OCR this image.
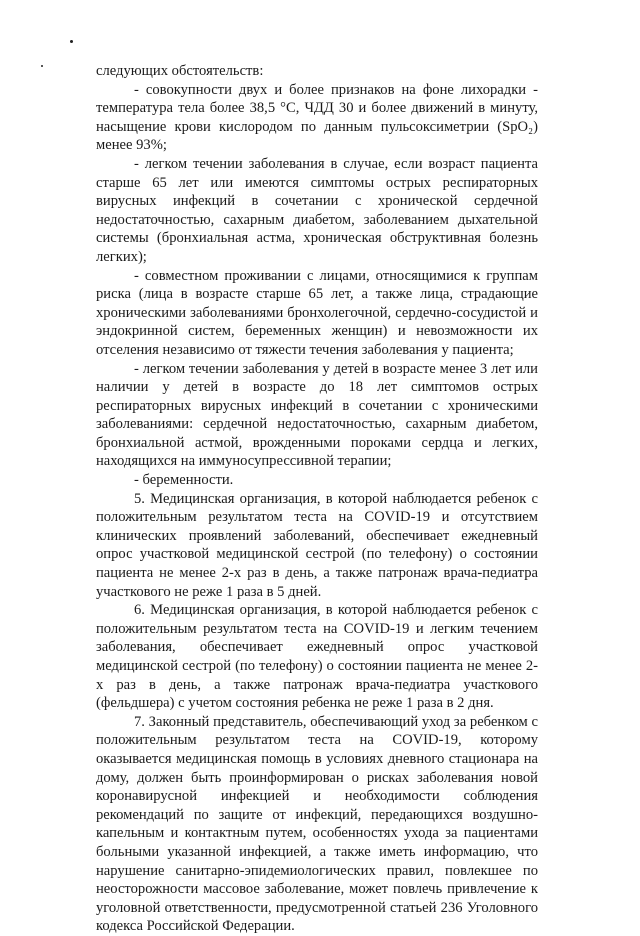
следующих обстоятельств:

- совокупности двух и более признаков на фоне лихорадки - температура тела более 38,5 °С, ЧДД 30 и более движений в минуту, насыщение крови кислородом по данным пульсоксиметрии (SpO₂) менее 93%;

- легком течении заболевания в случае, если возраст пациента старше 65 лет или имеются симптомы острых респираторных вирусных инфекций в сочетании с хронической сердечной недостаточностью, сахарным диабетом, заболеванием дыхательной системы (бронхиальная астма, хроническая обструктивная болезнь легких);

- совместном проживании с лицами, относящимися к группам риска (лица в возрасте старше 65 лет, а также лица, страдающие хроническими заболеваниями бронхолегочной, сердечно-сосудистой и эндокринной систем, беременных женщин) и невозможности их отселения независимо от тяжести течения заболевания у пациента;

- легком течении заболевания у детей в возрасте менее 3 лет или наличии у детей в возрасте до 18 лет симптомов острых респираторных вирусных инфекций в сочетании с хроническими заболеваниями: сердечной недостаточностью, сахарным диабетом, бронхиальной астмой, врожденными пороками сердца и легких, находящихся на иммуносупрессивной терапии;

- беременности.

5. Медицинская организация, в которой наблюдается ребенок с положительным результатом теста на COVID-19 и отсутствием клинических проявлений заболеваний, обеспечивает ежедневный опрос участковой медицинской сестрой (по телефону) о состоянии пациента не менее 2-х раз в день, а также патронаж врача-педиатра участкового не реже 1 раза в 5 дней.

6. Медицинская организация, в которой наблюдается ребенок с положительным результатом теста на COVID-19 и легким течением заболевания, обеспечивает ежедневный опрос участковой медицинской сестрой (по телефону) о состоянии пациента не менее 2-х раз в день, а также патронаж врача-педиатра участкового (фельдшера) с учетом состояния ребенка не реже 1 раза в 2 дня.

7. Законный представитель, обеспечивающий уход за ребенком с положительным результатом теста на COVID-19, которому оказывается медицинская помощь в условиях дневного стационара на дому, должен быть проинформирован о рисках заболевания новой коронавирусной инфекцией и необходимости соблюдения рекомендаций по защите от инфекций, передающихся воздушно-капельным и контактным путем, особенностях ухода за пациентами больными указанной инфекцией, а также иметь информацию, что нарушение санитарно-эпидемиологических правил, повлекшее по неосторожности массовое заболевание, может повлечь привлечение к уголовной ответственности, предусмотренной статьей 236 Уголовного кодекса Российской Федерации.
